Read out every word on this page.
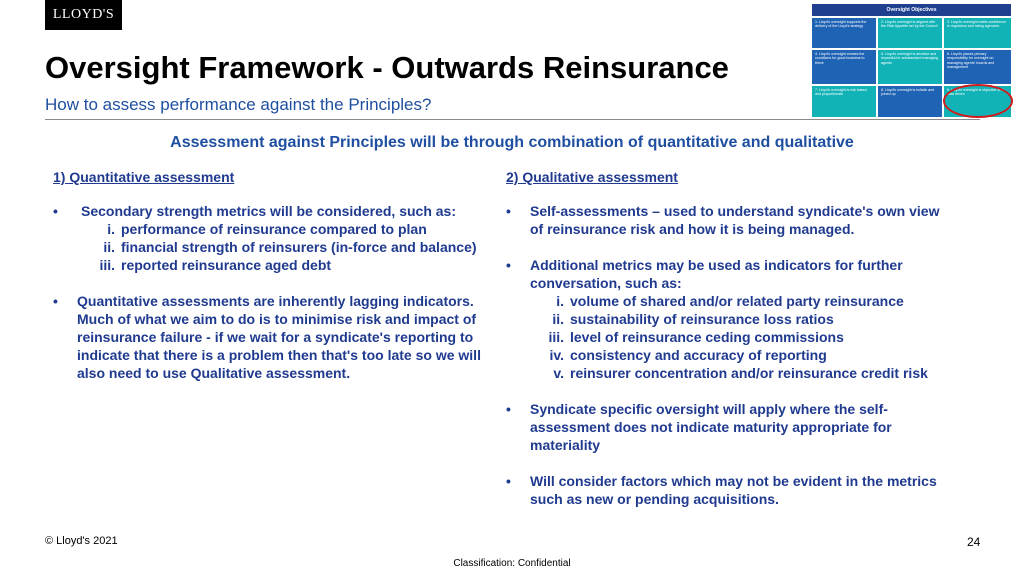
LLOYD'S
Oversight Framework - Outwards Reinsurance
How to assess performance against the Principles?
Oversight Objectives
1. Lloyd's oversight supports the delivery of the Lloyd's strategy
2. Lloyd's oversight is aligned with the Risk Appetite set by the Council
3. Lloyd's oversight instils confidence in regulators and rating agencies
4. Lloyd's oversight creates the conditions for good business to thrive
5. Lloyd's oversight is decisive and impactful for substandard managing agents
6. Lloyd's places primary responsibility for oversight on managing agents' boards and management
7. Lloyd's oversight is risk based and proportionate
8. Lloyd's oversight is holistic and joined up
9. Lloyd's oversight is objective and data driven
Assessment against Principles will be through combination of quantitative and qualitative
1) Quantitative assessment
• Secondary strength metrics will be considered, such as:
i. performance of reinsurance compared to plan
ii. financial strength of reinsurers (in-force and balance)
iii. reported reinsurance aged debt
• Quantitative assessments are inherently lagging indicators. Much of what we aim to do is to minimise risk and impact of reinsurance failure - if we wait for a syndicate's reporting to indicate that there is a problem then that's too late so we will also need to use Qualitative assessment.
2) Qualitative assessment
• Self-assessments – used to understand syndicate's own view of reinsurance risk and how it is being managed.
• Additional metrics may be used as indicators for further conversation, such as:
i. volume of shared and/or related party reinsurance
ii. sustainability of reinsurance loss ratios
iii. level of reinsurance ceding commissions
iv. consistency and accuracy of reporting
v. reinsurer concentration and/or reinsurance credit risk
• Syndicate specific oversight will apply where the self-assessment does not indicate maturity appropriate for materiality
• Will consider factors which may not be evident in the metrics such as new or pending acquisitions.
© Lloyd's 2021	24
Classification: Confidential
